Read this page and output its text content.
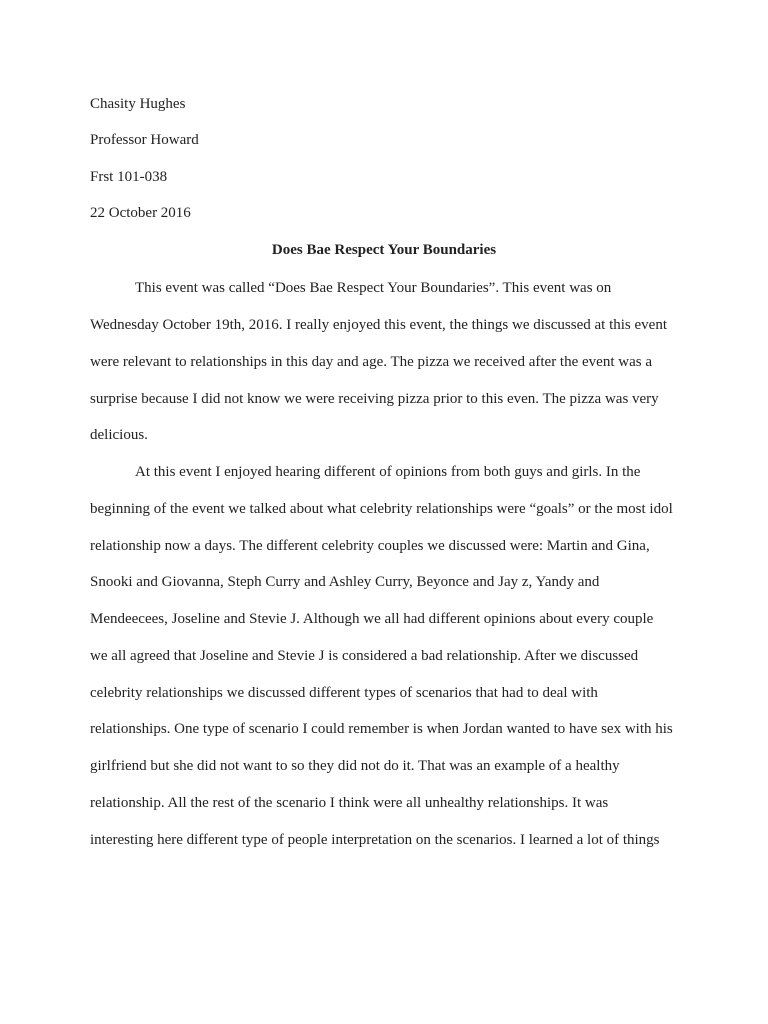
Chasity Hughes
Professor Howard
Frst 101-038
22 October 2016
Does Bae Respect Your Boundaries
This event was called “Does Bae Respect Your Boundaries”. This event was on
Wednesday October 19th, 2016. I really enjoyed this event, the things we discussed at this event
were relevant to relationships in this day and age. The pizza we received after the event was a
surprise because I did not know we were receiving pizza prior to this even. The pizza was very
delicious.
At this event I enjoyed hearing different of opinions from both guys and girls. In the
beginning of the event we talked about what celebrity relationships were “goals” or the most idol
relationship now a days. The different celebrity couples we discussed were: Martin and Gina,
Snooki and Giovanna, Steph Curry and Ashley Curry, Beyonce and Jay z, Yandy and
Mendeecees, Joseline and Stevie J. Although we all had different opinions about every couple
we all agreed that Joseline and Stevie J is considered a bad relationship. After we discussed
celebrity relationships we discussed different types of scenarios that had to deal with
relationships. One type of scenario I could remember is when Jordan wanted to have sex with his
girlfriend but she did not want to so they did not do it. That was an example of a healthy
relationship. All the rest of the scenario I think were all unhealthy relationships. It was
interesting here different type of people interpretation on the scenarios. I learned a lot of things
